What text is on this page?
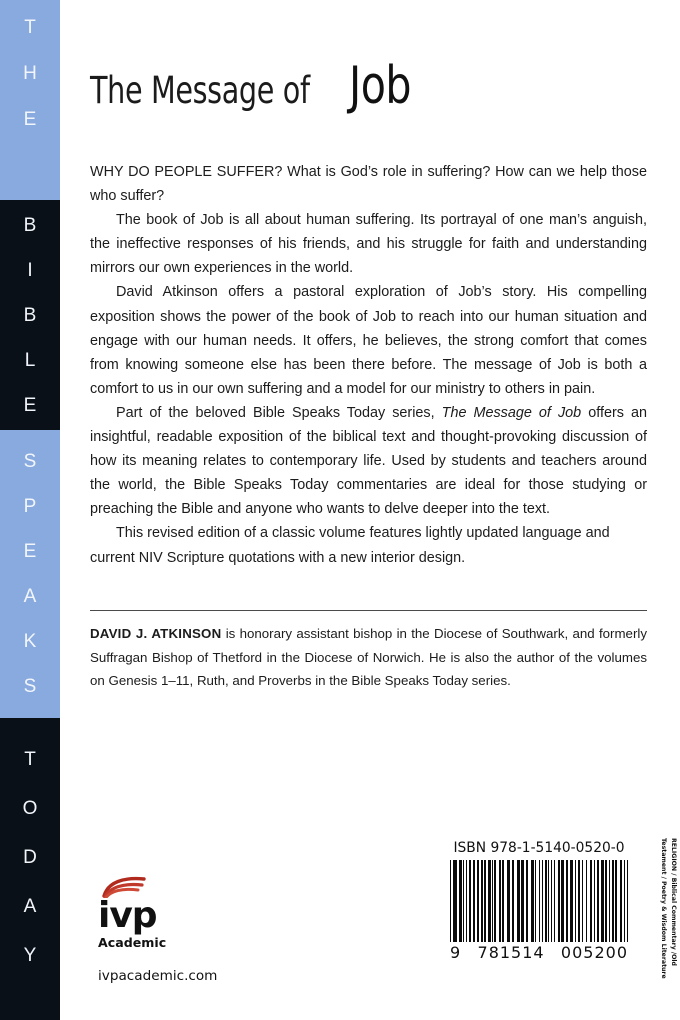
T
H
E
B
I
B
L
E
S
P
E
A
K
S
T
O
D
A
Y
The Message of Job

WHY DO PEOPLE SUFFER? What is God’s role in suffering? How can we help those who suffer?

The book of Job is all about human suffering. Its portrayal of one man’s anguish, the ineffective responses of his friends, and his struggle for faith and understanding mirrors our own experiences in the world.

David Atkinson offers a pastoral exploration of Job’s story. His compelling exposition shows the power of the book of Job to reach into our human situation and engage with our human needs. It offers, he believes, the strong comfort that comes from knowing someone else has been there before. The message of Job is both a comfort to us in our own suffering and a model for our ministry to others in pain.

Part of the beloved Bible Speaks Today series, The Message of Job offers an insightful, readable exposition of the biblical text and thought-provoking discussion of how its meaning relates to contemporary life. Used by students and teachers around the world, the Bible Speaks Today commentaries are ideal for those studying or preaching the Bible and anyone who wants to delve deeper into the text.

This revised edition of a classic volume features lightly updated language and current NIV Scripture quotations with a new interior design.

DAVID J. ATKINSON is honorary assistant bishop in the Diocese of Southwark, and formerly Suffragan Bishop of Thetford in the Diocese of Norwich. He is also the author of the volumes on Genesis 1–11, Ruth, and Proverbs in the Bible Speaks Today series.
ivp
Academic
ivpacademic.com
ISBN 978-1-5140-0520-0
9 781514 005200	RELIGION / Biblical Commentary /Old
Testament / Poetry & Wisdom Literature
